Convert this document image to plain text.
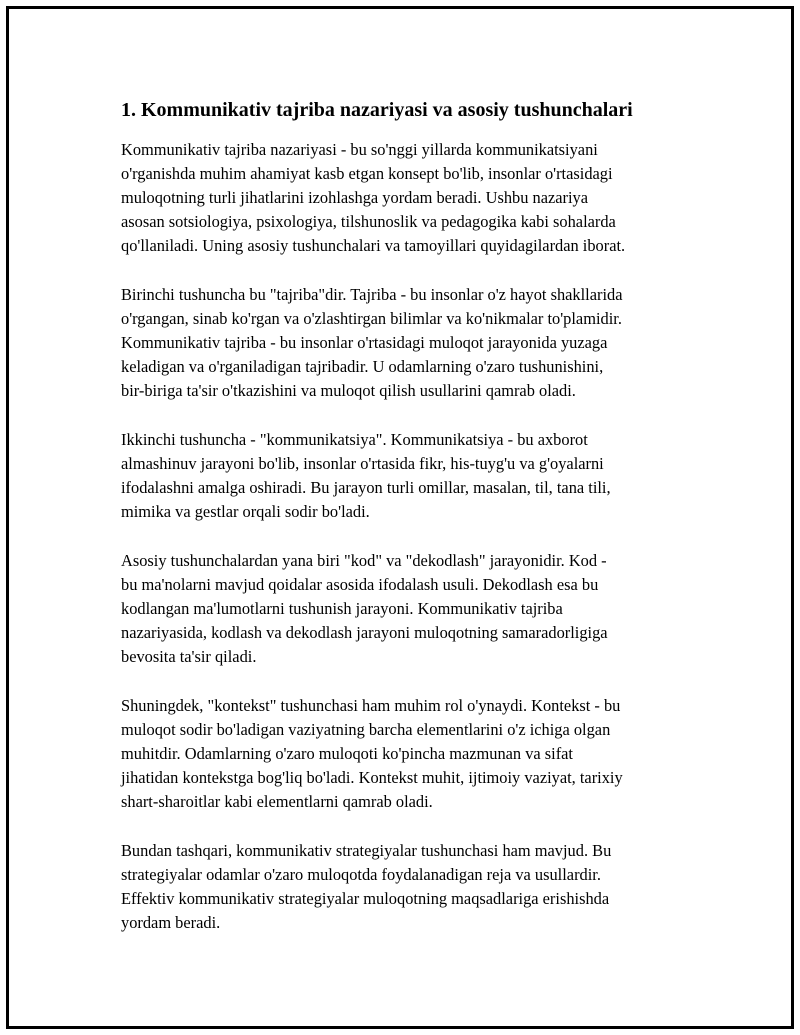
1. Kommunikativ tajriba nazariyasi va asosiy tushunchalari
Kommunikativ tajriba nazariyasi - bu so'nggi yillarda kommunikatsiyani
o'rganishda muhim ahamiyat kasb etgan konsept bo'lib, insonlar o'rtasidagi
muloqotning turli jihatlarini izohlashga yordam beradi. Ushbu nazariya
asosan sotsiologiya, psixologiya, tilshunoslik va pedagogika kabi sohalarda
qo'llaniladi. Uning asosiy tushunchalari va tamoyillari quyidagilardan iborat.
Birinchi tushuncha bu "tajriba"dir. Tajriba - bu insonlar o'z hayot shakllarida
o'rgangan, sinab ko'rgan va o'zlashtirgan bilimlar va ko'nikmalar to'plamidir.
Kommunikativ tajriba - bu insonlar o'rtasidagi muloqot jarayonida yuzaga
keladigan va o'rganiladigan tajribadir. U odamlarning o'zaro tushunishini,
bir-biriga ta'sir o'tkazishini va muloqot qilish usullarini qamrab oladi.
Ikkinchi tushuncha - "kommunikatsiya". Kommunikatsiya - bu axborot
almashinuv jarayoni bo'lib, insonlar o'rtasida fikr, his-tuyg'u va g'oyalarni
ifodalashni amalga oshiradi. Bu jarayon turli omillar, masalan, til, tana tili,
mimika va gestlar orqali sodir bo'ladi.
Asosiy tushunchalardan yana biri "kod" va "dekodlash" jarayonidir. Kod -
bu ma'nolarni mavjud qoidalar asosida ifodalash usuli. Dekodlash esa bu
kodlangan ma'lumotlarni tushunish jarayoni. Kommunikativ tajriba
nazariyasida, kodlash va dekodlash jarayoni muloqotning samaradorligiga
bevosita ta'sir qiladi.
Shuningdek, "kontekst" tushunchasi ham muhim rol o'ynaydi. Kontekst - bu
muloqot sodir bo'ladigan vaziyatning barcha elementlarini o'z ichiga olgan
muhitdir. Odamlarning o'zaro muloqoti ko'pincha mazmunan va sifat
jihatidan kontekstga bog'liq bo'ladi. Kontekst muhit, ijtimoiy vaziyat, tarixiy
shart-sharoitlar kabi elementlarni qamrab oladi.
Bundan tashqari, kommunikativ strategiyalar tushunchasi ham mavjud. Bu
strategiyalar odamlar o'zaro muloqotda foydalanadigan reja va usullardir.
Effektiv kommunikativ strategiyalar muloqotning maqsadlariga erishishda
yordam beradi.
